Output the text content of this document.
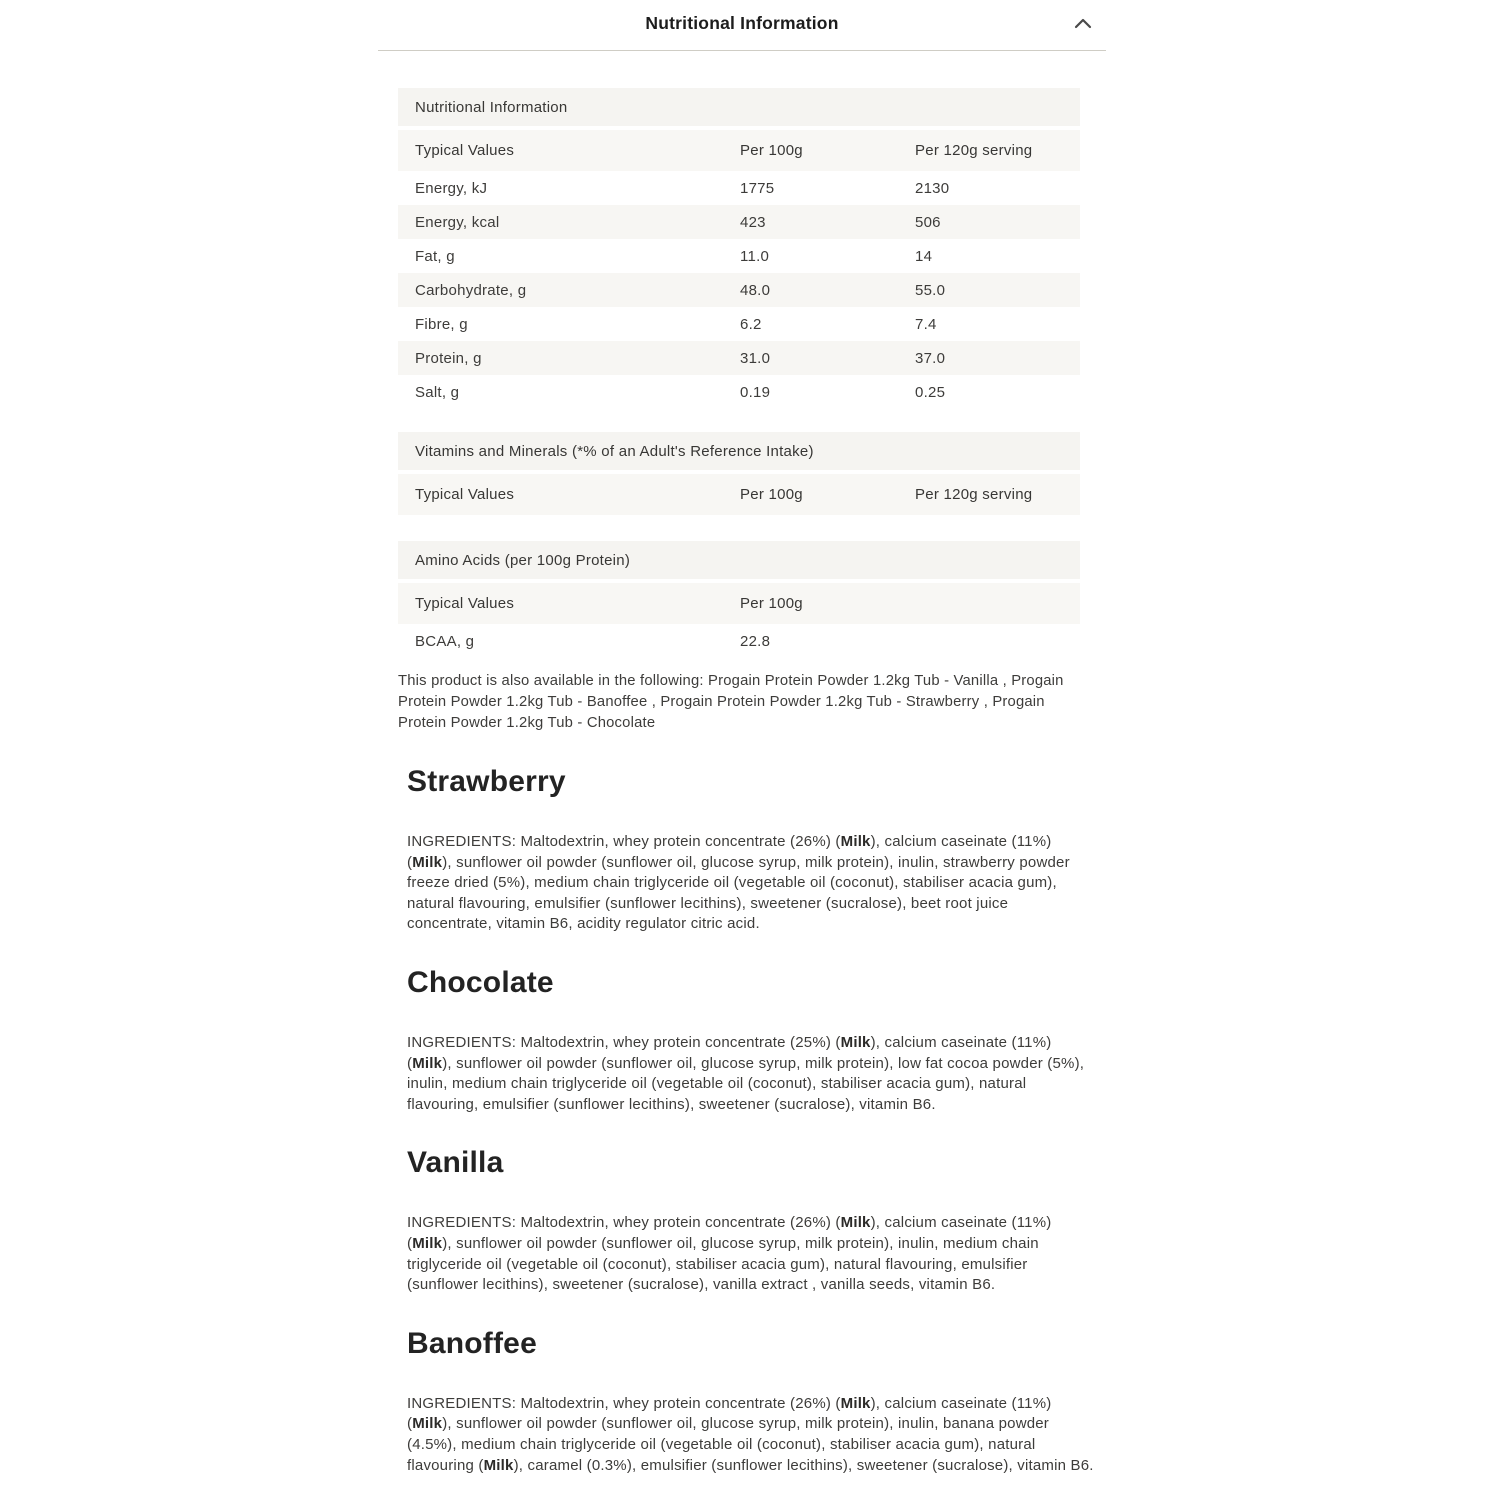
Nutritional Information
Nutritional Information
Typical Values	Per 100g	Per 120g serving
Energy, kJ	1775	2130
Energy, kcal	423	506
Fat, g	11.0	14
Carbohydrate, g	48.0	55.0
Fibre, g	6.2	7.4
Protein, g	31.0	37.0
Salt, g	0.19	0.25
Vitamins and Minerals (*% of an Adult's Reference Intake)
Typical Values	Per 100g	Per 120g serving
Amino Acids (per 100g Protein)
Typical Values	Per 100g
BCAA, g	22.8

This product is also available in the following: Progain Protein Powder 1.2kg Tub - Vanilla , Progain Protein Powder 1.2kg Tub - Banoffee , Progain Protein Powder 1.2kg Tub - Strawberry , Progain Protein Powder 1.2kg Tub - Chocolate

Strawberry

INGREDIENTS: Maltodextrin, whey protein concentrate (26%) (Milk), calcium caseinate (11%) (Milk), sunflower oil powder (sunflower oil, glucose syrup, milk protein), inulin, strawberry powder freeze dried (5%), medium chain triglyceride oil (vegetable oil (coconut), stabiliser acacia gum), natural flavouring, emulsifier (sunflower lecithins), sweetener (sucralose), beet root juice concentrate, vitamin B6, acidity regulator citric acid.

Chocolate

INGREDIENTS: Maltodextrin, whey protein concentrate (25%) (Milk), calcium caseinate (11%) (Milk), sunflower oil powder (sunflower oil, glucose syrup, milk protein), low fat cocoa powder (5%), inulin, medium chain triglyceride oil (vegetable oil (coconut), stabiliser acacia gum), natural flavouring, emulsifier (sunflower lecithins), sweetener (sucralose), vitamin B6.

Vanilla

INGREDIENTS: Maltodextrin, whey protein concentrate (26%) (Milk), calcium caseinate (11%) (Milk), sunflower oil powder (sunflower oil, glucose syrup, milk protein), inulin, medium chain triglyceride oil (vegetable oil (coconut), stabiliser acacia gum), natural flavouring, emulsifier (sunflower lecithins), sweetener (sucralose), vanilla extract , vanilla seeds, vitamin B6.

Banoffee

INGREDIENTS: Maltodextrin, whey protein concentrate (26%) (Milk), calcium caseinate (11%) (Milk), sunflower oil powder (sunflower oil, glucose syrup, milk protein), inulin, banana powder (4.5%), medium chain triglyceride oil (vegetable oil (coconut), stabiliser acacia gum), natural flavouring (Milk), caramel (0.3%), emulsifier (sunflower lecithins), sweetener (sucralose), vitamin B6.
